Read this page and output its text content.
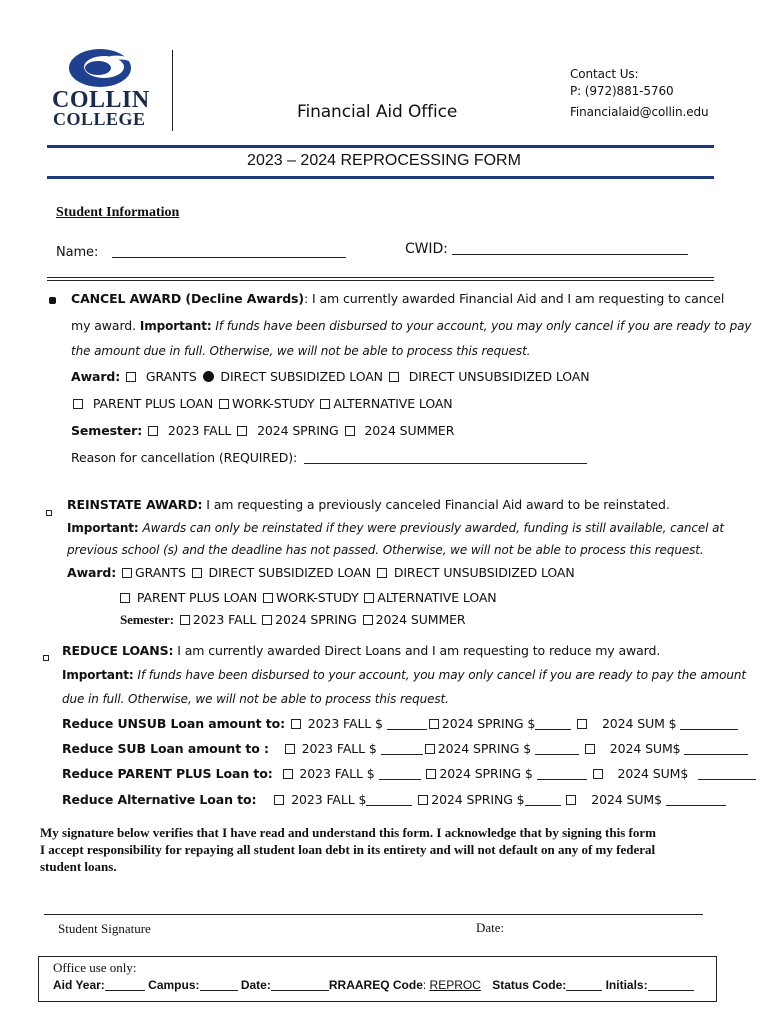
COLLIN
COLLEGE	Financial Aid Office
Contact Us:
P: (972)881-5760
Financialaid@collin.edu
2023 – 2024 REPROCESSING FORM
Student Information
Name:	CWID:
CANCEL AWARD (Decline Awards): I am currently awarded Financial Aid and I am requesting to cancel
my award. Important: If funds have been disbursed to your account, you may only cancel if you are ready to pay
the amount due in full. Otherwise, we will not be able to process this request.
Award: GRANTS DIRECT SUBSIDIZED LOAN DIRECT UNSUBSIDIZED LOAN
PARENT PLUS LOAN WORK-STUDY ALTERNATIVE LOAN
Semester: 2023 FALL 2024 SPRING 2024 SUMMER
Reason for cancellation (REQUIRED):
REINSTATE AWARD: I am requesting a previously canceled Financial Aid award to be reinstated.
Important: Awards can only be reinstated if they were previously awarded, funding is still available, cancel at
previous school (s) and the deadline has not passed. Otherwise, we will not be able to process this request.
Award: GRANTS DIRECT SUBSIDIZED LOAN DIRECT UNSUBSIDIZED LOAN
PARENT PLUS LOAN WORK-STUDY ALTERNATIVE LOAN
Semester: 2023 FALL 2024 SPRING 2024 SUMMER
REDUCE LOANS: I am currently awarded Direct Loans and I am requesting to reduce my award.
Important: If funds have been disbursed to your account, you may only cancel if you are ready to pay the amount
due in full. Otherwise, we will not be able to process this request.
Reduce UNSUB Loan amount to: 2023 FALL $	2024 SPRING $	2024 SUM $
Reduce SUB Loan amount to :	2023 FALL $	2024 SPRING $	2024 SUM$
Reduce PARENT PLUS Loan to: 2023 FALL $	2024 SPRING $	2024 SUM$
Reduce Alternative Loan to:	2023 FALL $	2024 SPRING $	2024 SUM$
My signature below verifies that I have read and understand this form. I acknowledge that by signing this form
I accept responsibility for repaying all student loan debt in its entirety and will not default on any of my federal
student loans.
Student Signature	Date:
Office use only:
Aid Year:	Campus:	Date:	RRAAREQ Code: REPROC Status Code:	Initials:
